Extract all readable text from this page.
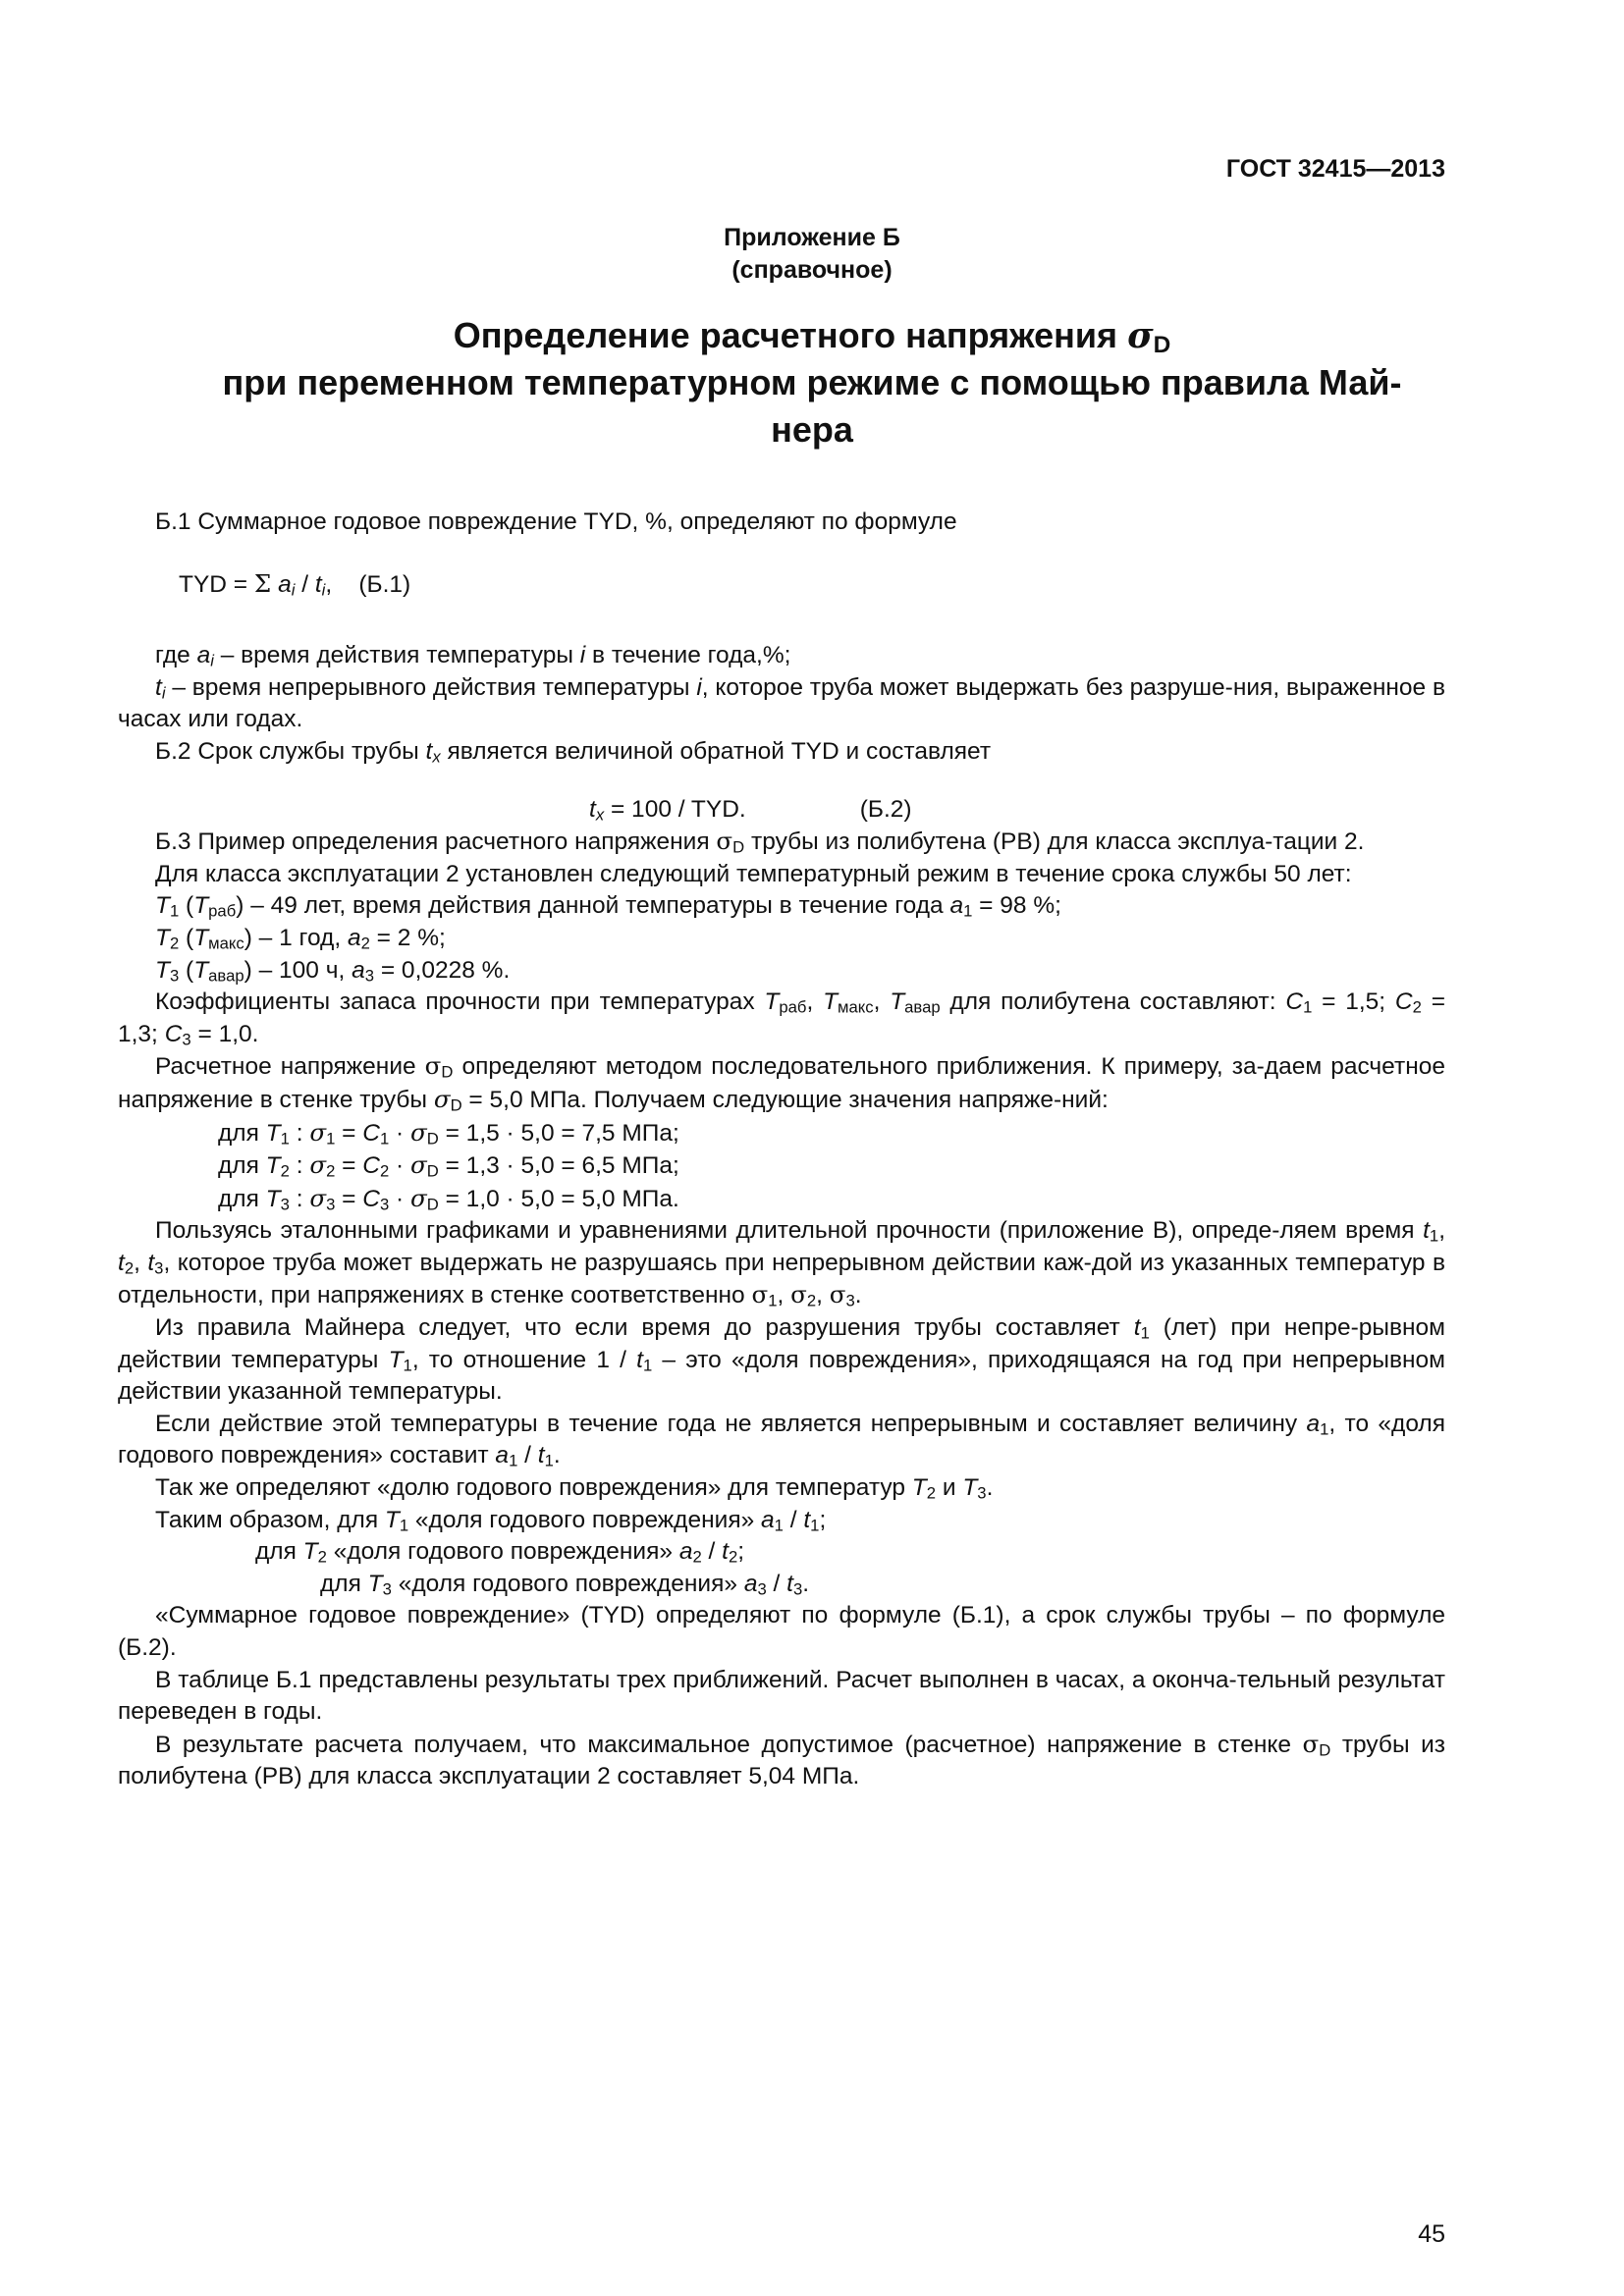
ГОСТ 32415—2013
Приложение Б
(справочное)
Определение расчетного напряжения $\sigma_D$
при переменном температурном режиме с помощью правила Май-
нера

Б.1 Суммарное годовое повреждение TYD, %, определяют по формуле

TYD = Σ $a_i / t_i$,    (Б.1)

где $a_i$ – время действия температуры i в течение года,%;

$t_i$ – время непрерывного действия температуры i, которое труба может выдержать без разруше-ния, выраженное в часах или годах.

Б.2 Срок службы трубы $t_x$ является величиной обратной TYD и составляет

$t_x = 100$ / TYD.	(Б.2)

Б.3 Пример определения расчетного напряжения $\sigma_D$ трубы из полибутена (PB) для класса эксплуа-тации 2.

Для класса эксплуатации 2 установлен следующий температурный режим в течение срока службы 50 лет:

$T_1$ $(T_{раб}) - 49$ лет, время действия данной температуры в течение года $a_1 = 98$ %;

$T_2$ $(T_{макс}) - 1$ год, $a_2 = 2$ %;

$T_3$ $(T_{авар}) - 100$ ч, $a_3 = 0,0228$ %.

Коэффициенты запаса прочности при температурах $T_{раб}$, $T_{макс}$, $T_{авар}$ для полибутена составляют: $C_1 = 1,5$; $C_2 = 1,3$; $C_3 = 1,0$.

Расчетное напряжение $\sigma_D$ определяют методом последовательного приближения. К примеру, за-даем расчетное напряжение в стенке трубы $\sigma_D = 5,0$ МПа. Получаем следующие значения напряже-ний:

для $T_1$ : $\sigma_1 = C_1 \cdot \sigma_D = 1,5 \cdot 5,0 = 7,5$ МПа;

для $T_2$ : $\sigma_2 = C_2 \cdot \sigma_D = 1,3 \cdot 5,0 = 6,5$ МПа;

для $T_3$ : $\sigma_3 = C_3 \cdot \sigma_D = 1,0 \cdot 5,0 = 5,0$ МПа.

Пользуясь эталонными графиками и уравнениями длительной прочности (приложение В), опреде-ляем время $t_1$, $t_2$, $t_3$, которое труба может выдержать не разрушаясь при непрерывном действии каж-дой из указанных температур в отдельности, при напряжениях в стенке соответственно $\sigma_1$, $\sigma_2$, $\sigma_3$.

Из правила Майнера следует, что если время до разрушения трубы составляет $t_1$ (лет) при непре-рывном действии температуры $T_1$, то отношение $1 / t_1$ – это «доля повреждения», приходящаяся на год при непрерывном действии указанной температуры.

Если действие этой температуры в течение года не является непрерывным и составляет величину $a_1$, то «доля годового повреждения» составит $a_1 / t_1$.

Так же определяют «долю годового повреждения» для температур $T_2$ и $T_3$.

Таким образом, для $T_1$ «доля годового повреждения» $a_1 / t_1$;

для $T_2$ «доля годового повреждения» $a_2 / t_2$;

для $T_3$ «доля годового повреждения» $a_3 / t_3$.

«Суммарное годовое повреждение» (TYD) определяют по формуле (Б.1), а срок службы трубы – по формуле (Б.2).

В таблице Б.1 представлены результаты трех приближений. Расчет выполнен в часах, а оконча-тельный результат переведен в годы.

В результате расчета получаем, что максимальное допустимое (расчетное) напряжение в стенке $\sigma_D$ трубы из полибутена (PB) для класса эксплуатации 2 составляет 5,04 МПа.

45
